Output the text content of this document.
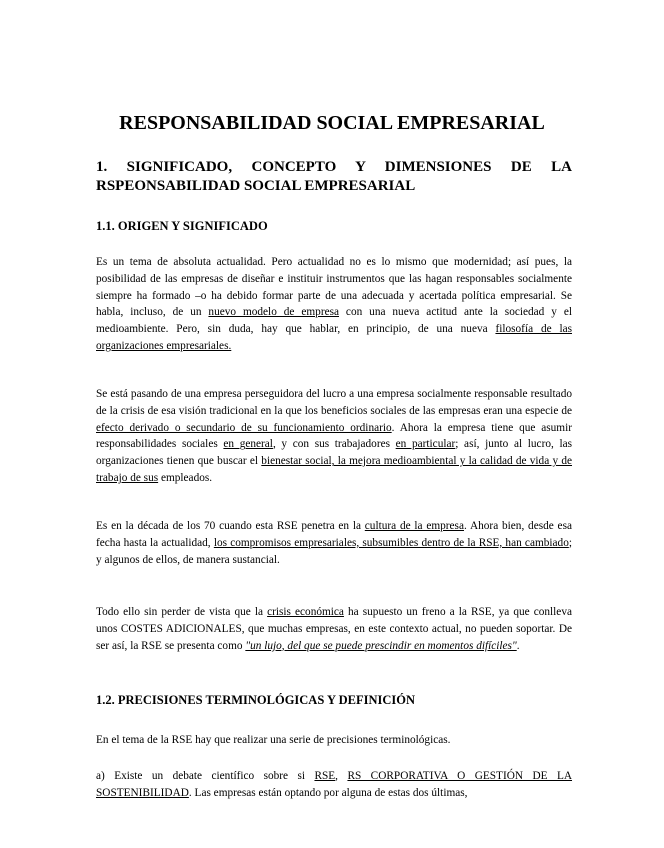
RESPONSABILIDAD SOCIAL EMPRESARIAL
1. SIGNIFICADO, CONCEPTO Y DIMENSIONES DE LA RSPEONSABILIDAD SOCIAL EMPRESARIAL
1.1. ORIGEN Y SIGNIFICADO

Es un tema de absoluta actualidad. Pero actualidad no es lo mismo que modernidad; así pues, la posibilidad de las empresas de diseñar e instituir instrumentos que las hagan responsables socialmente siempre ha formado –o ha debido formar parte de una adecuada y acertada política empresarial. Se habla, incluso, de un nuevo modelo de empresa con una nueva actitud ante la sociedad y el medioambiente. Pero, sin duda, hay que hablar, en principio, de una nueva filosofía de las organizaciones empresariales.

Se está pasando de una empresa perseguidora del lucro a una empresa socialmente responsable resultado de la crisis de esa visión tradicional en la que los beneficios sociales de las empresas eran una especie de efecto derivado o secundario de su funcionamiento ordinario. Ahora la empresa tiene que asumir responsabilidades sociales en general, y con sus trabajadores en particular; así, junto al lucro, las organizaciones tienen que buscar el bienestar social, la mejora medioambiental y la calidad de vida y de trabajo de sus empleados.

Es en la década de los 70 cuando esta RSE penetra en la cultura de la empresa. Ahora bien, desde esa fecha hasta la actualidad, los compromisos empresariales, subsumibles dentro de la RSE, han cambiado; y algunos de ellos, de manera sustancial.

Todo ello sin perder de vista que la crisis económica ha supuesto un freno a la RSE, ya que conlleva unos COSTES ADICIONALES, que muchas empresas, en este contexto actual, no pueden soportar. De ser así, la RSE se presenta como "un lujo, del que se puede prescindir en momentos difíciles".

1.2. PRECISIONES TERMINOLÓGICAS Y DEFINICIÓN

En el tema de la RSE hay que realizar una serie de precisiones terminológicas.

a) Existe un debate científico sobre si RSE, RS CORPORATIVA O GESTIÓN DE LA SOSTENIBILIDAD. Las empresas están optando por alguna de estas dos últimas,
